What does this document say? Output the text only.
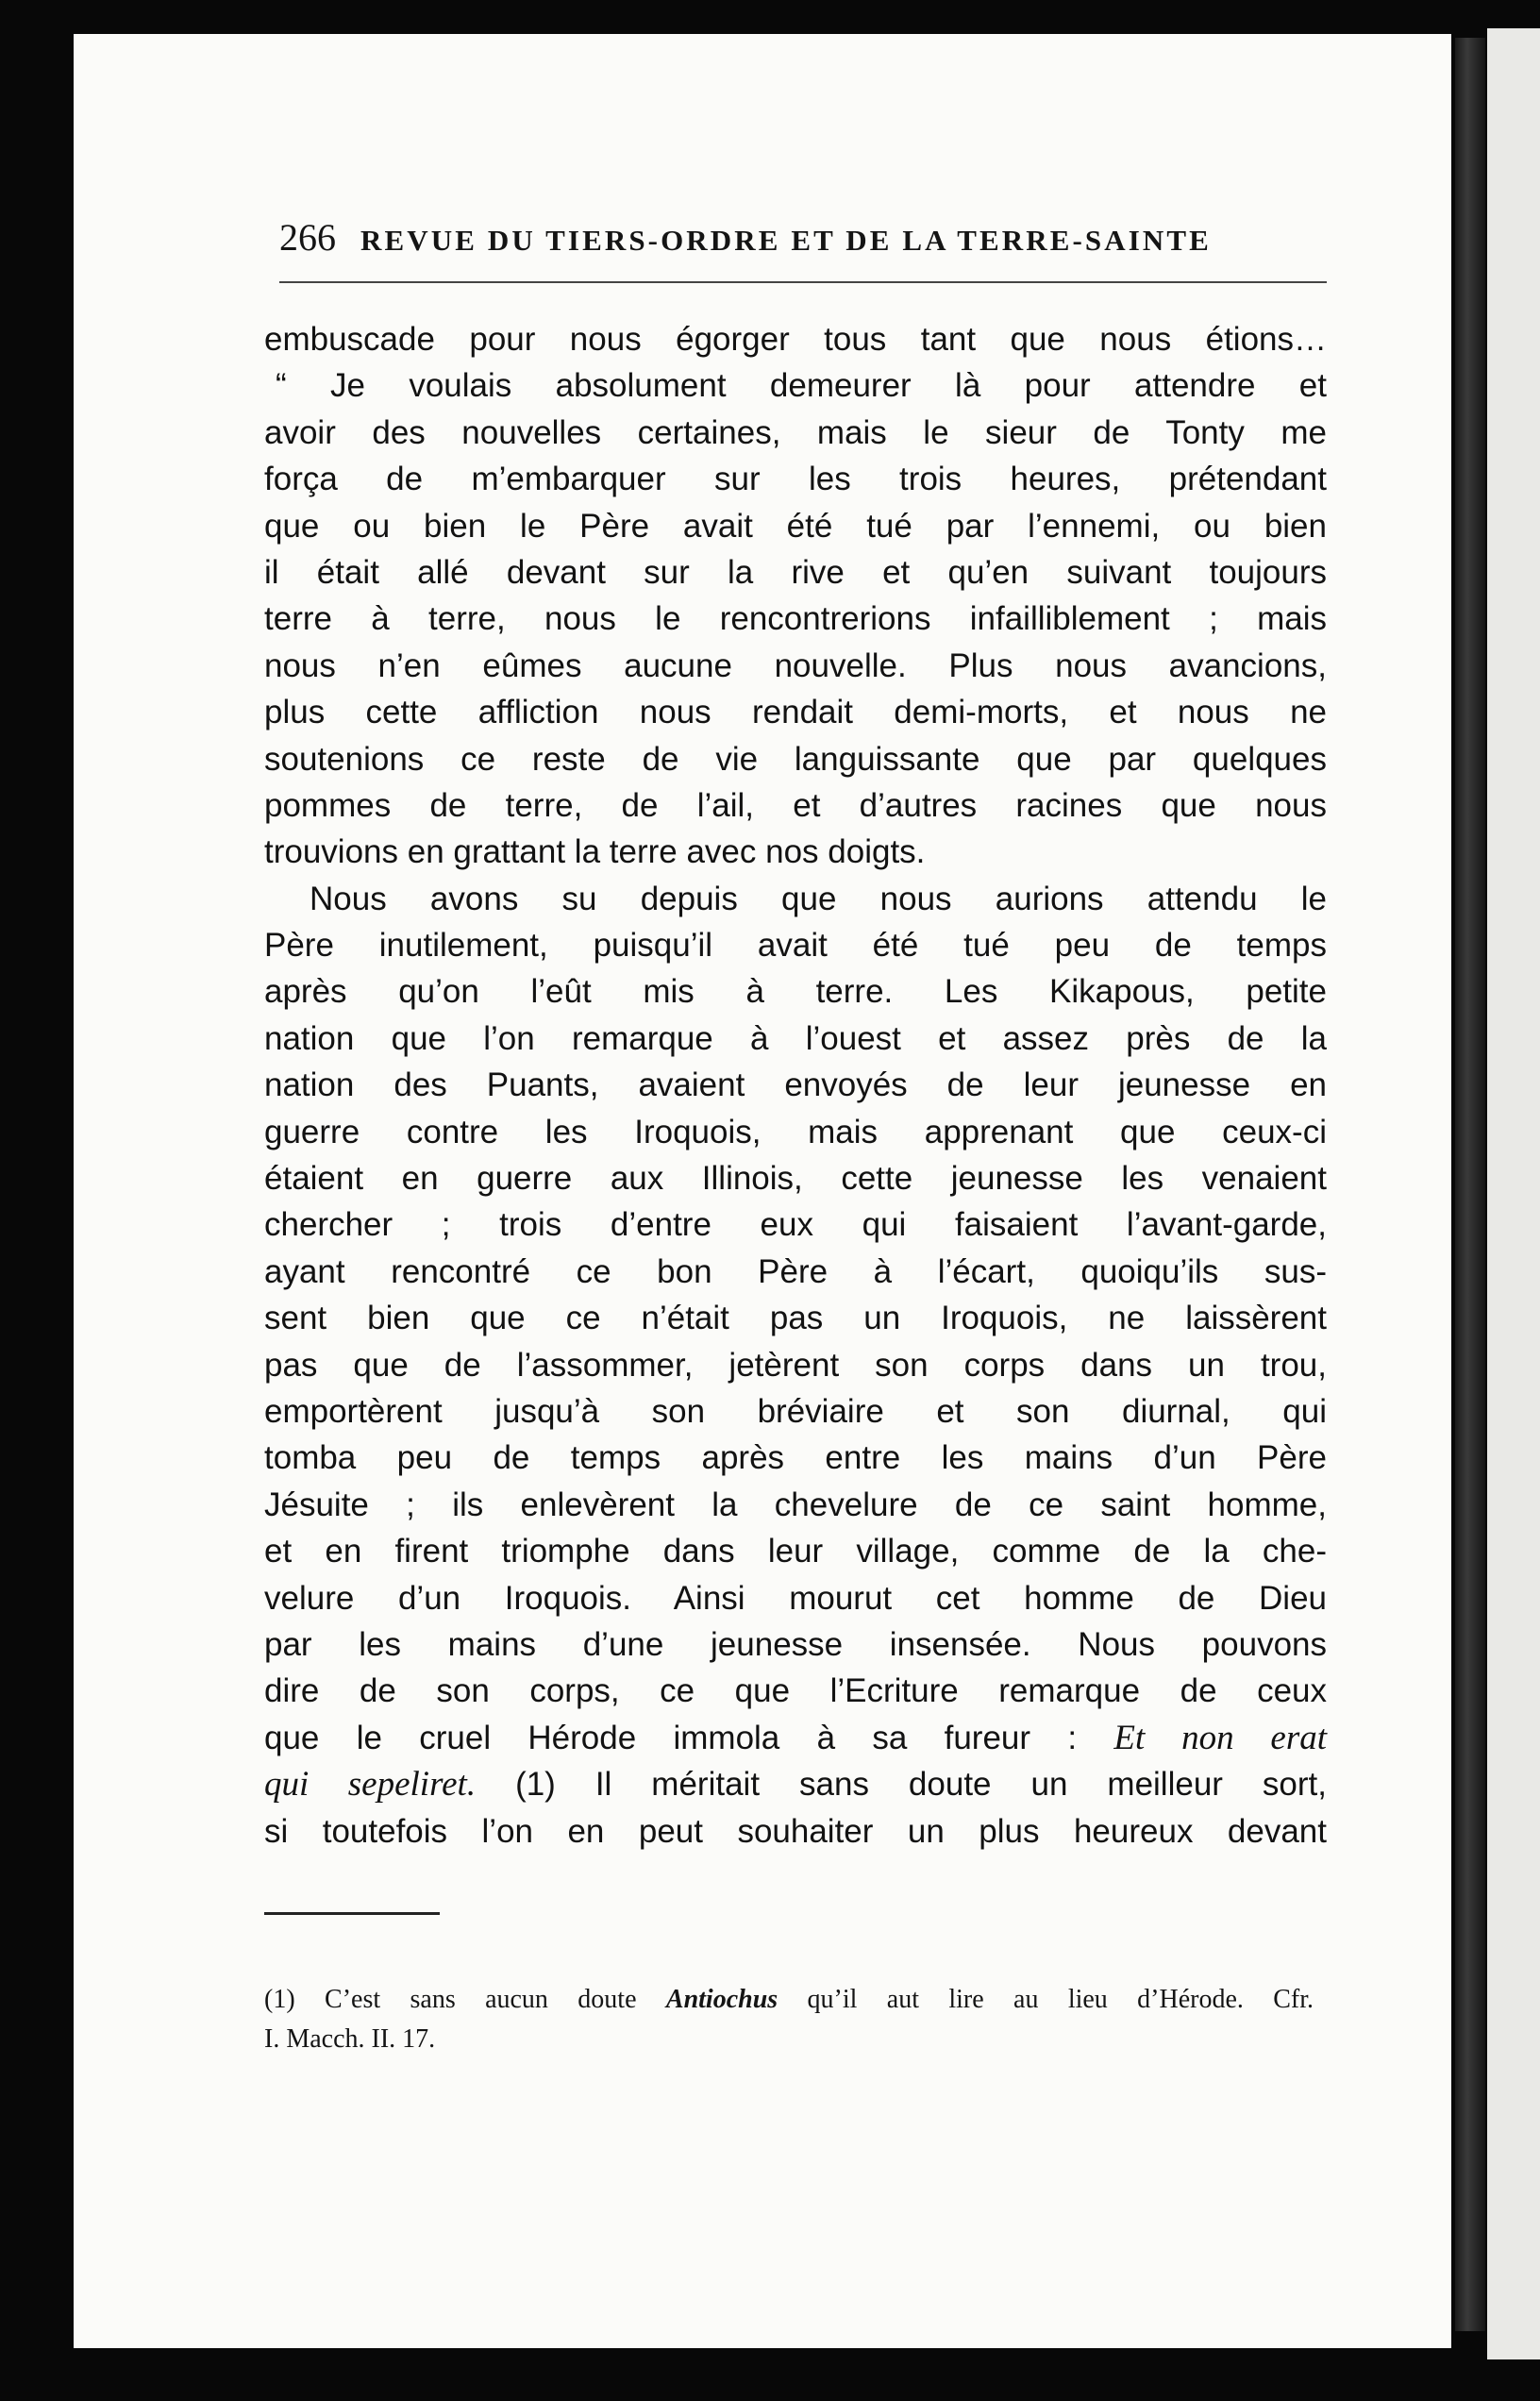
266 REVUE DU TIERS-ORDRE ET DE LA TERRE-SAINTE
embuscade pour nous égorger tous tant que nous étions…
“ Je voulais absolument demeurer là pour attendre et
avoir des nouvelles certaines, mais le sieur de Tonty me
força de m’embarquer sur les trois heures, prétendant
que ou bien le Père avait été tué par l’ennemi, ou bien
il était allé devant sur la rive et qu’en suivant toujours
terre à terre, nous le rencontrerions infailliblement ; mais
nous n’en eûmes aucune nouvelle. Plus nous avancions,
plus cette affliction nous rendait demi-morts, et nous ne
soutenions ce reste de vie languissante que par quelques
pommes de terre, de l’ail, et d’autres racines que nous
trouvions en grattant la terre avec nos doigts.
Nous avons su depuis que nous aurions attendu le
Père inutilement, puisqu’il avait été tué peu de temps
après qu’on l’eût mis à terre. Les Kikapous, petite
nation que l’on remarque à l’ouest et assez près de la
nation des Puants, avaient envoyés de leur jeunesse en
guerre contre les Iroquois, mais apprenant que ceux-ci
étaient en guerre aux Illinois, cette jeunesse les venaient
chercher ; trois d’entre eux qui faisaient l’avant-garde,
ayant rencontré ce bon Père à l’écart, quoiqu’ils sus-
sent bien que ce n’était pas un Iroquois, ne laissèrent
pas que de l’assommer, jetèrent son corps dans un trou,
emportèrent jusqu’à son bréviaire et son diurnal, qui
tomba peu de temps après entre les mains d’un Père
Jésuite ; ils enlevèrent la chevelure de ce saint homme,
et en firent triomphe dans leur village, comme de la che-
velure d’un Iroquois. Ainsi mourut cet homme de Dieu
par les mains d’une jeunesse insensée. Nous pouvons
dire de son corps, ce que l’Ecriture remarque de ceux
que le cruel Hérode immola à sa fureur : Et non erat
qui sepeliret. (1) Il méritait sans doute un meilleur sort,
si toutefois l’on en peut souhaiter un plus heureux devant
(1) C’est sans aucun doute Antiochus qu’il aut lire au lieu d’Hérode. Cfr.
I. Macch. II. 17.
